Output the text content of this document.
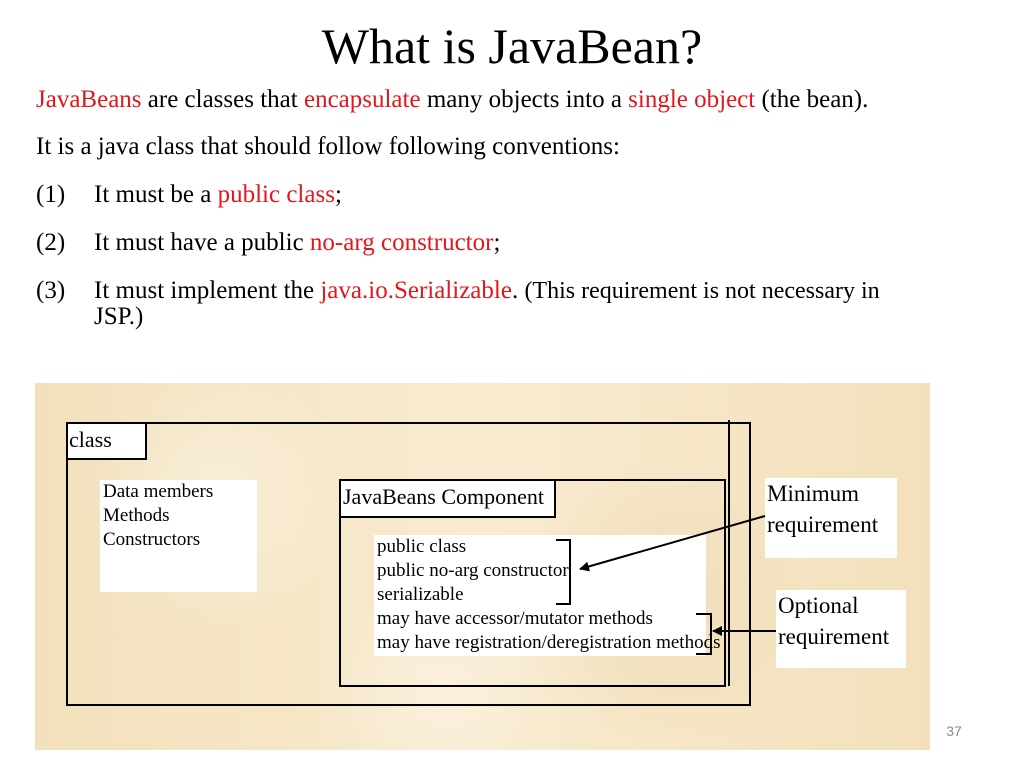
What is JavaBean?
JavaBeans are classes that encapsulate many objects into a single object (the bean).
It is a java class that should follow following conventions:
(1) It must be a public class;
(2) It must have a public no-arg constructor;
(3) It must implement the java.io.Serializable. (This requirement is not necessary in
JSP.)
class
Data members
Methods
Constructors
JavaBeans Component
public class
public no-arg constructor
serializable
may have accessor/mutator methods
may have registration/deregistration methods
Minimum
requirement
Optional
requirement
37
